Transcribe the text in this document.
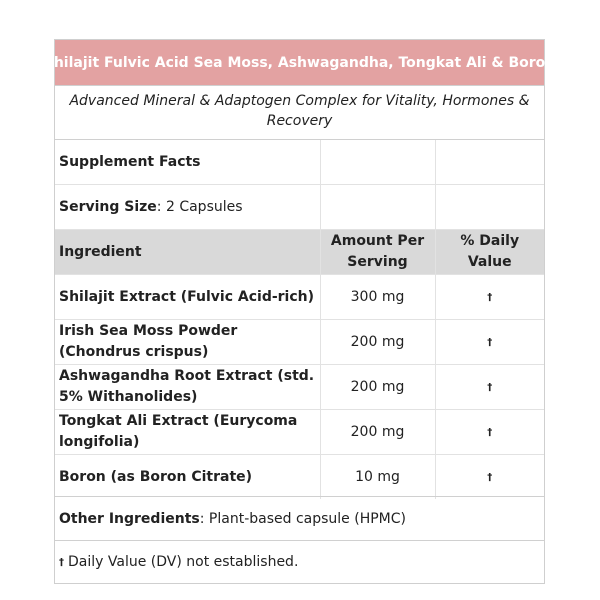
Shilajit Fulvic Acid Sea Moss, Ashwagandha, Tongkat Ali & Boron
Advanced Mineral & Adaptogen Complex for Vitality, Hormones & Recovery
Supplement Facts		
Serving Size: 2 Capsules		
Ingredient	Amount Per Serving	% Daily Value
Shilajit Extract (Fulvic Acid-rich)	300 mg	†
Irish Sea Moss Powder (Chondrus crispus)	200 mg	†
Ashwagandha Root Extract (std. 5% Withanolides)	200 mg	†
Tongkat Ali Extract (Eurycoma longifolia)	200 mg	†
Boron (as Boron Citrate)	10 mg	†
Other Ingredients : Plant-based capsule (HPMC)
† Daily Value (DV) not established.
